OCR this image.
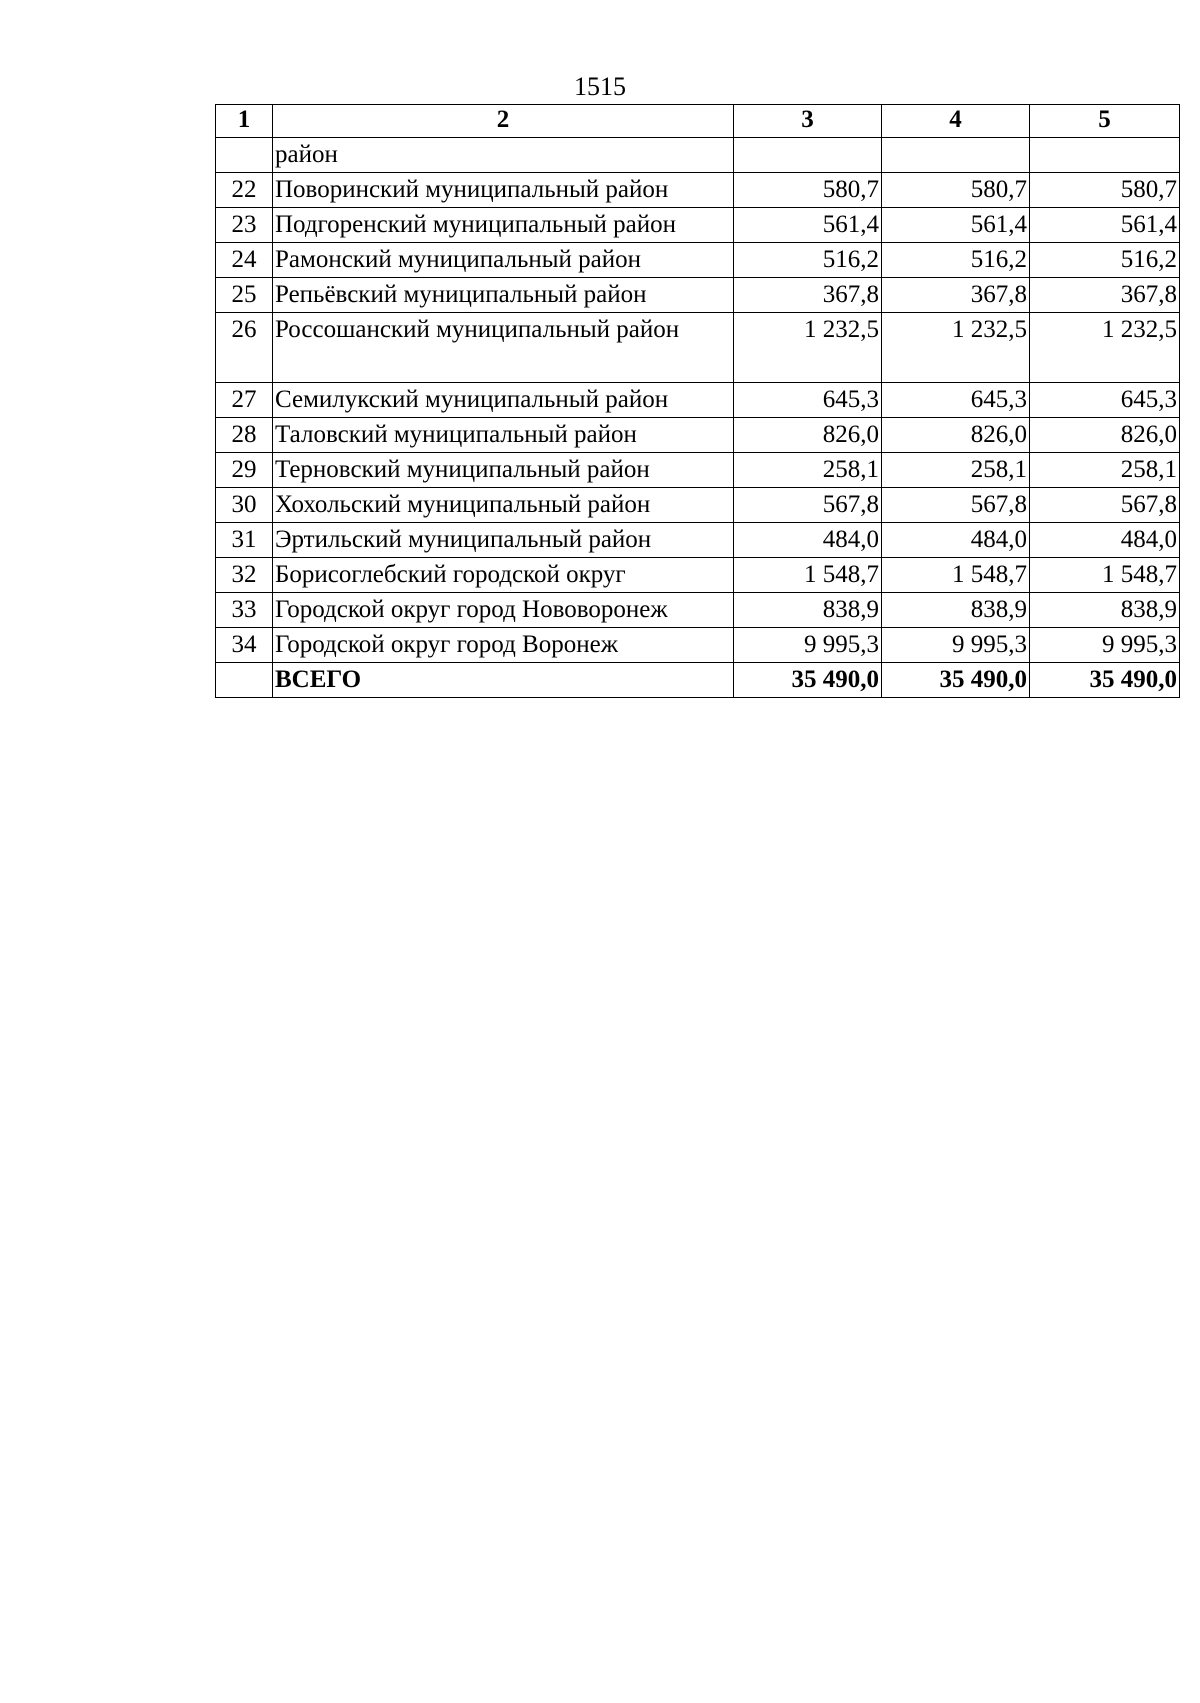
1515
1	2	3	4	5
	район			
22	Поворинский муниципальный район	580,7	580,7	580,7
23	Подгоренский муниципальный район	561,4	561,4	561,4
24	Рамонский муниципальный район	516,2	516,2	516,2
25	Репьёвский муниципальный район	367,8	367,8	367,8
26	Россошанский муниципальный район	1 232,5	1 232,5	1 232,5
27	Семилукский муниципальный район	645,3	645,3	645,3
28	Таловский муниципальный район	826,0	826,0	826,0
29	Терновский муниципальный район	258,1	258,1	258,1
30	Хохольский муниципальный район	567,8	567,8	567,8
31	Эртильский муниципальный район	484,0	484,0	484,0
32	Борисоглебский городской округ	1 548,7	1 548,7	1 548,7
33	Городской округ город Нововоронеж	838,9	838,9	838,9
34	Городской округ город Воронеж	9 995,3	9 995,3	9 995,3
	ВСЕГО	35 490,0	35 490,0	35 490,0
